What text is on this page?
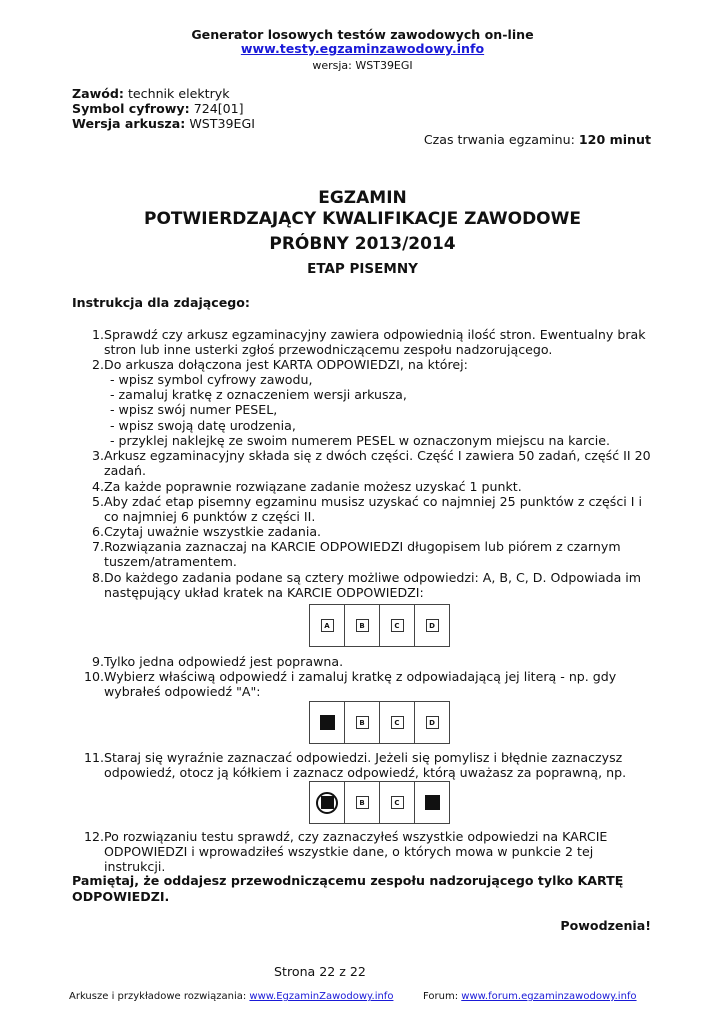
Generator losowych testów zawodowych on-line
www.testy.egzaminzawodowy.info
wersja: WST39EGI
Zawód: technik elektryk
Symbol cyfrowy: 724[01]
Wersja arkusza: WST39EGI
Czas trwania egzaminu: 120 minut
EGZAMIN
POTWIERDZAJĄCY KWALIFIKACJE ZAWODOWE
PRÓBNY 2013/2014
ETAP PISEMNY
Instrukcja dla zdającego:
1. Sprawdź czy arkusz egzaminacyjny zawiera odpowiednią ilość stron. Ewentualny brak stron lub inne usterki zgłoś przewodniczącemu zespołu nadzorującego.
2. Do arkusza dołączona jest KARTA ODPOWIEDZI, na której:
- wpisz symbol cyfrowy zawodu,
- zamaluj kratkę z oznaczeniem wersji arkusza,
- wpisz swój numer PESEL,
- wpisz swoją datę urodzenia,
- przyklej naklejkę ze swoim numerem PESEL w oznaczonym miejscu na karcie.
3. Arkusz egzaminacyjny składa się z dwóch części. Część I zawiera 50 zadań, część II 20 zadań.
4. Za każde poprawnie rozwiązane zadanie możesz uzyskać 1 punkt.
5. Aby zdać etap pisemny egzaminu musisz uzyskać co najmniej 25 punktów z części I i co najmniej 6 punktów z części II.
6. Czytaj uważnie wszystkie zadania.
7. Rozwiązania zaznaczaj na KARCIE ODPOWIEDZI długopisem lub piórem z czarnym tuszem/atramentem.
8. Do każdego zadania podane są cztery możliwe odpowiedzi: A, B, C, D. Odpowiada im następujący układ kratek na KARCIE ODPOWIEDZI:
A	B	C	D
9. Tylko jedna odpowiedź jest poprawna.
10. Wybierz właściwą odpowiedź i zamaluj kratkę z odpowiadającą jej literą - np. gdy wybrałeś odpowiedź "A":
B	C	D
11. Staraj się wyraźnie zaznaczać odpowiedzi. Jeżeli się pomylisz i błędnie zaznaczysz odpowiedź, otocz ją kółkiem i zaznacz odpowiedź, którą uważasz za poprawną, np.
B	C
12. Po rozwiązaniu testu sprawdź, czy zaznaczyłeś wszystkie odpowiedzi na KARCIE ODPOWIEDZI i wprowadziłeś wszystkie dane, o których mowa w punkcie 2 tej instrukcji.
Pamiętaj, że oddajesz przewodniczącemu zespołu nadzorującego tylko KARTĘ ODPOWIEDZI.
Powodzenia!
Strona 22 z 22
Arkusze i przykładowe rozwiązania: www.EgzaminZawodowy.info	Forum: www.forum.egzaminzawodowy.info
